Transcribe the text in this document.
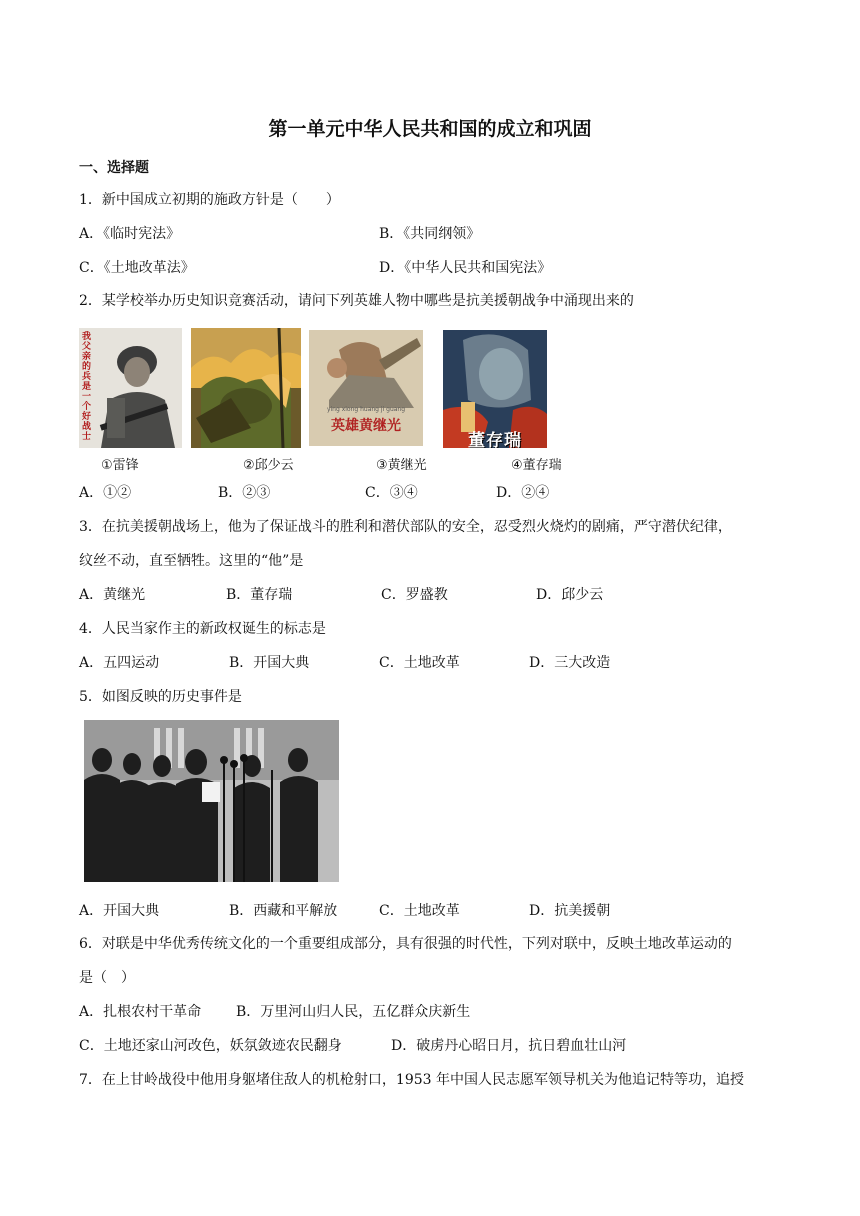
第一单元中华人民共和国的成立和巩固
一、选择题
1．新中国成立初期的施政方针是（　　）
A．《临时宪法》	B．《共同纲领》
C．《土地改革法》	D．《中华人民共和国宪法》
2．某学校举办历史知识竞赛活动，请问下列英雄人物中哪些是抗美援朝战争中涌现出来的
我父亲的兵是一个好战士
ying xiong huang ji guang
英雄黄继光
董存瑞
①雷锋	②邱少云	③黄继光	④董存瑞
A．①②	B．②③	C．③④	D．②④
3．在抗美援朝战场上，他为了保证战斗的胜利和潜伏部队的安全，忍受烈火烧灼的剧痛，严守潜伏纪律，
纹丝不动，直至牺牲。这里的“他”是
A．黄继光	B．董存瑞	C．罗盛教	D．邱少云
4．人民当家作主的新政权诞生的标志是
A．五四运动	B．开国大典	C．土地改革	D．三大改造
5．如图反映的历史事件是
A．开国大典	B．西藏和平解放	C．土地改革	D．抗美援朝
6．对联是中华优秀传统文化的一个重要组成部分，具有很强的时代性，下列对联中，反映土地改革运动的
是（　）
A．扎根农村干革命 B．万里河山归人民，五亿群众庆新生
C．土地还家山河改色，妖氛敛迹农民翻身	D．破虏丹心昭日月，抗日碧血壮山河
7．在上甘岭战役中他用身躯堵住敌人的机枪射口，1953 年中国人民志愿军领导机关为他追记特等功，追授
